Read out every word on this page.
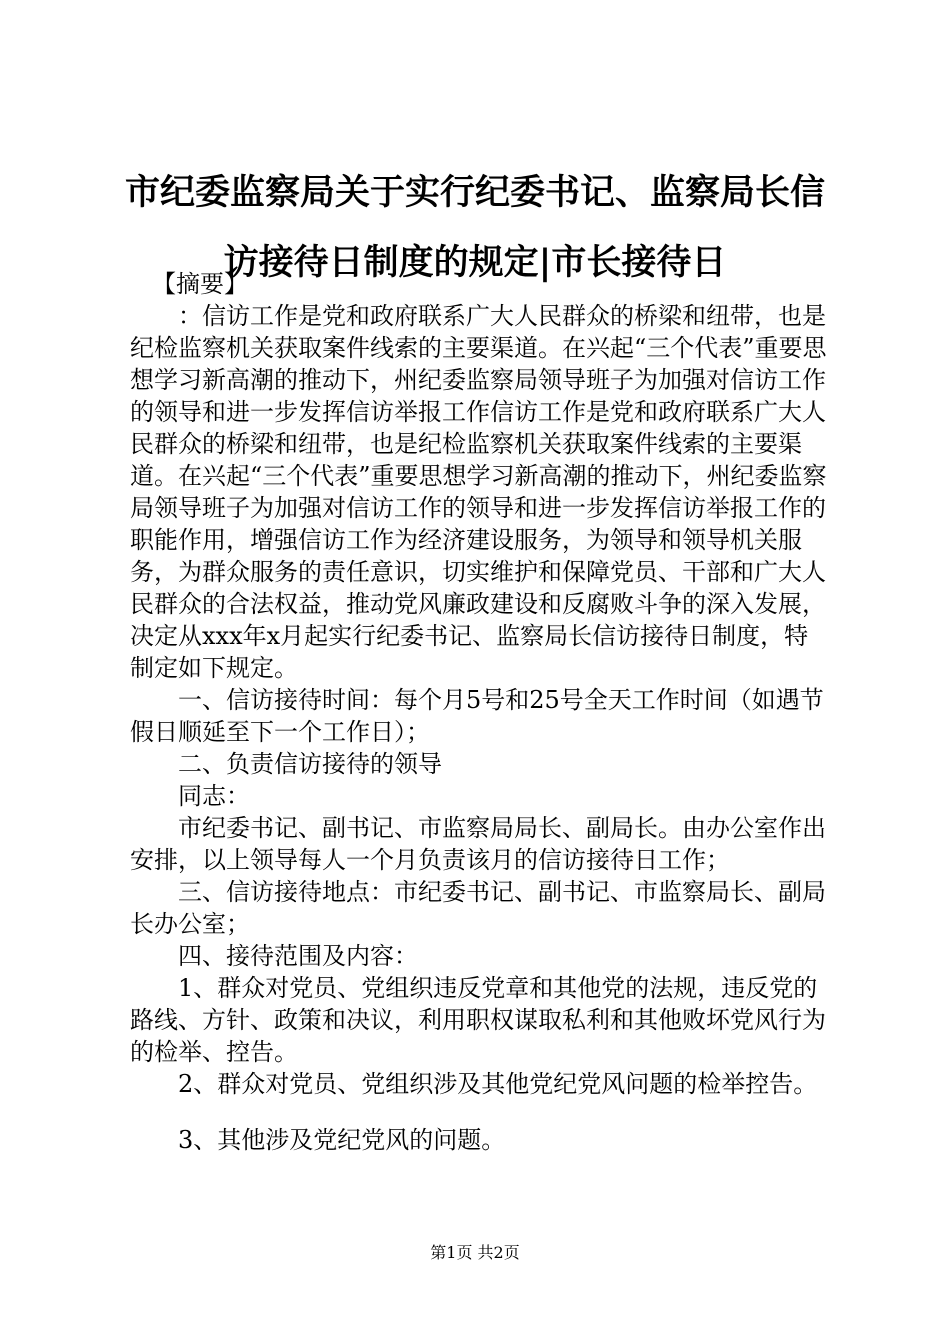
市纪委监察局关于实行纪委书记、监察局长信
访接待日制度的规定|市长接待日

【摘要】

：信访工作是党和政府联系广大人民群众的桥梁和纽带，也是纪检监察机关获取案件线索的主要渠道。在兴起“三个代表”重要思想学习新高潮的推动下，州纪委监察局领导班子为加强对信访工作的领导和进一步发挥信访举报工作信访工作是党和政府联系广大人民群众的桥梁和纽带，也是纪检监察机关获取案件线索的主要渠道。在兴起“三个代表”重要思想学习新高潮的推动下，州纪委监察局领导班子为加强对信访工作的领导和进一步发挥信访举报工作的职能作用，增强信访工作为经济建设服务，为领导和领导机关服务，为群众服务的责任意识，切实维护和保障党员、干部和广大人民群众的合法权益，推动党风廉政建设和反腐败斗争的深入发展，决定从xxx年x月起实行纪委书记、监察局长信访接待日制度，特制定如下规定。

一、信访接待时间：每个月5号和25号全天工作时间（如遇节假日顺延至下一个工作日）；

二、负责信访接待的领导

同志：

市纪委书记、副书记、市监察局局长、副局长。由办公室作出安排，以上领导每人一个月负责该月的信访接待日工作；

三、信访接待地点：市纪委书记、副书记、市监察局长、副局长办公室；

四、接待范围及内容：

1、群众对党员、党组织违反党章和其他党的法规，违反党的路线、方针、政策和决议，利用职权谋取私利和其他败坏党风行为的检举、控告。

2、群众对党员、党组织涉及其他党纪党风问题的检举控告。

3、其他涉及党纪党风的问题。

第1页 共2页
